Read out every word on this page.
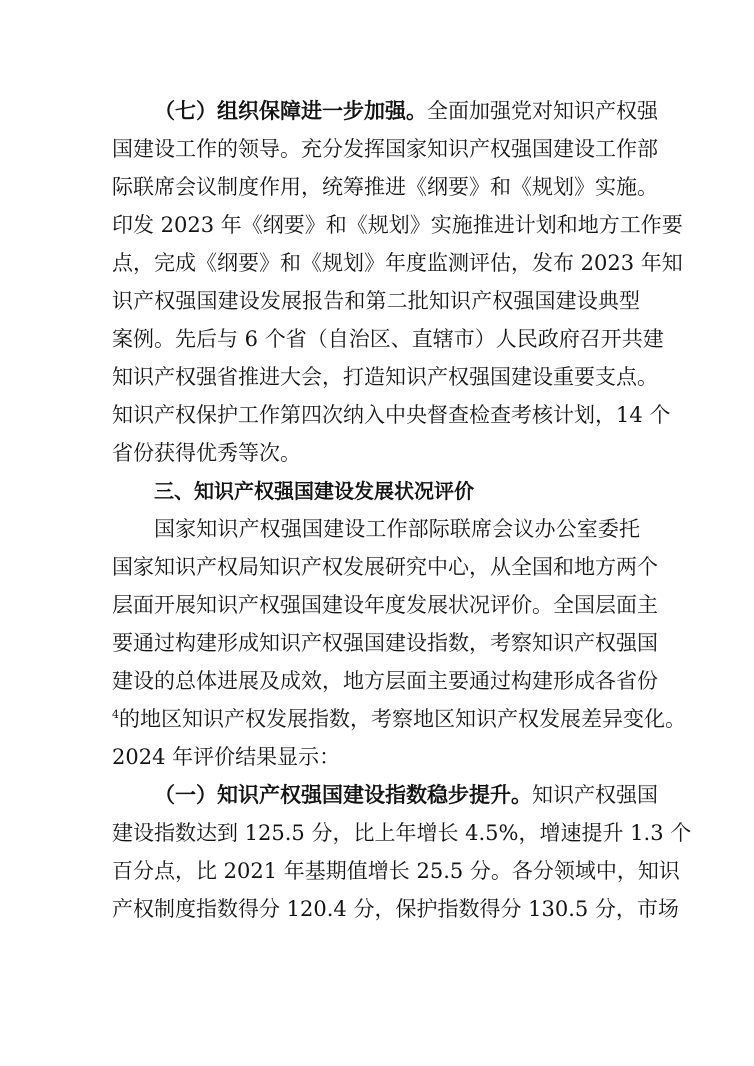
（七）组织保障进一步加强。全面加强党对知识产权强
国建设工作的领导。充分发挥国家知识产权强国建设工作部
际联席会议制度作用，统筹推进《纲要》和《规划》实施。
印发 2023 年《纲要》和《规划》实施推进计划和地方工作要
点，完成《纲要》和《规划》年度监测评估，发布 2023 年知
识产权强国建设发展报告和第二批知识产权强国建设典型
案例。先后与 6 个省（自治区、直辖市）人民政府召开共建
知识产权强省推进大会，打造知识产权强国建设重要支点。
知识产权保护工作第四次纳入中央督查检查考核计划，14 个
省份获得优秀等次。
三、知识产权强国建设发展状况评价
国家知识产权强国建设工作部际联席会议办公室委托
国家知识产权局知识产权发展研究中心，从全国和地方两个
层面开展知识产权强国建设年度发展状况评价。全国层面主
要通过构建形成知识产权强国建设指数，考察知识产权强国
建设的总体进展及成效，地方层面主要通过构建形成各省份
$^4$的地区知识产权发展指数，考察地区知识产权发展差异变化。
2024 年评价结果显示：
（一）知识产权强国建设指数稳步提升。知识产权强国
建设指数达到 125.5 分，比上年增长 4.5%，增速提升 1.3 个
百分点，比 2021 年基期值增长 25.5 分。各分领域中，知识
产权制度指数得分 120.4 分，保护指数得分 130.5 分，市场
